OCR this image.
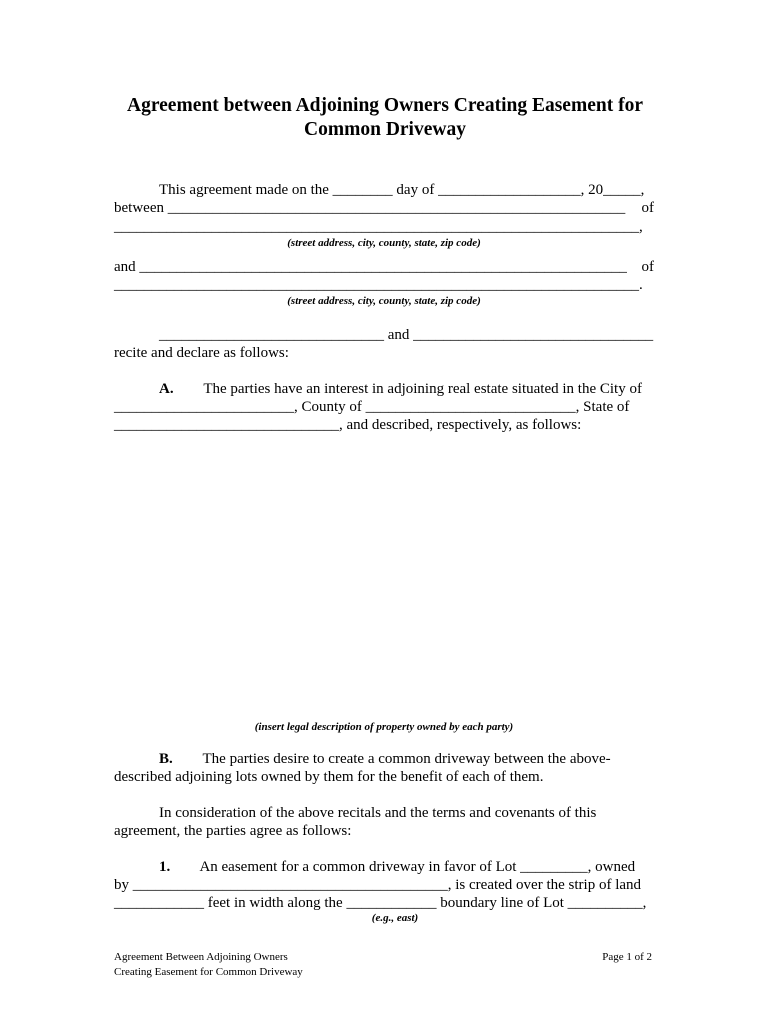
Agreement between Adjoining Owners Creating Easement for
Common Driveway
This agreement made on the ________ day of ___________________, 20_____,
between _____________________________________________________________ of
______________________________________________________________________,
(street address, city, county, state, zip code)
and _________________________________________________________________ of
______________________________________________________________________.
(street address, city, county, state, zip code)
______________________________ and ________________________________
recite and declare as follows:
A. The parties have an interest in adjoining real estate situated in the City of
________________________, County of ____________________________, State of
______________________________, and described, respectively, as follows:
(insert legal description of property owned by each party)
B. The parties desire to create a common driveway between the above-
described adjoining lots owned by them for the benefit of each of them.
In consideration of the above recitals and the terms and covenants of this
agreement, the parties agree as follows:
1. An easement for a common driveway in favor of Lot _________, owned
by __________________________________________, is created over the strip of land
____________ feet in width along the ____________ boundary line of Lot __________,
(e.g., east)
Agreement Between Adjoining Owners
Creating Easement for Common Driveway
Page 1 of 2
